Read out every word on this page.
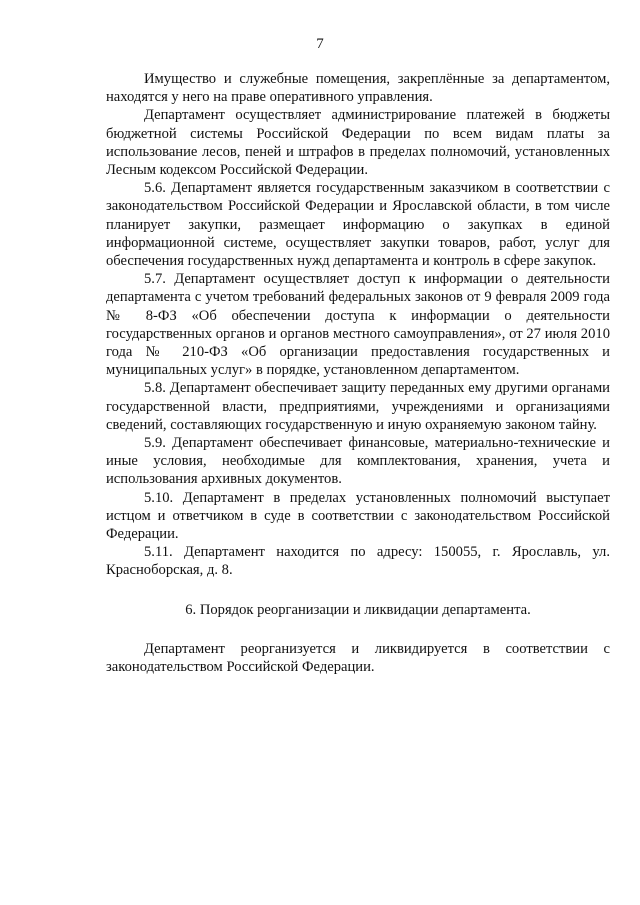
7

Имущество и служебные помещения, закреплённые за департаментом, находятся у него на праве оперативного управления.

Департамент осуществляет администрирование платежей в бюджеты бюджетной системы Российской Федерации по всем видам платы за использование лесов, пеней и штрафов в пределах полномочий, установленных Лесным кодексом Российской Федерации.

5.6. Департамент является государственным заказчиком в соответствии с законодательством Российской Федерации и Ярославской области, в том числе планирует закупки, размещает информацию о закупках в единой информационной системе, осуществляет закупки товаров, работ, услуг для обеспечения государственных нужд департамента и контроль в сфере закупок.

5.7. Департамент осуществляет доступ к информации о деятельности департамента с учетом требований федеральных законов от 9 февраля 2009 года № 8-ФЗ «Об обеспечении доступа к информации о деятельности государственных органов и органов местного самоуправления», от 27 июля 2010 года № 210-ФЗ «Об организации предоставления государственных и муниципальных услуг» в порядке, установленном департаментом.

5.8. Департамент обеспечивает защиту переданных ему другими органами государственной власти, предприятиями, учреждениями и организациями сведений, составляющих государственную и иную охраняемую законом тайну.

5.9. Департамент обеспечивает финансовые, материально-технические и иные условия, необходимые для комплектования, хранения, учета и использования архивных документов.

5.10. Департамент в пределах установленных полномочий выступает истцом и ответчиком в суде в соответствии с законодательством Российской Федерации.

5.11. Департамент находится по адресу: 150055, г. Ярославль, ул. Красноборская, д. 8.

6. Порядок реорганизации и ликвидации департамента.

Департамент реорганизуется и ликвидируется в соответствии с законодательством Российской Федерации.
